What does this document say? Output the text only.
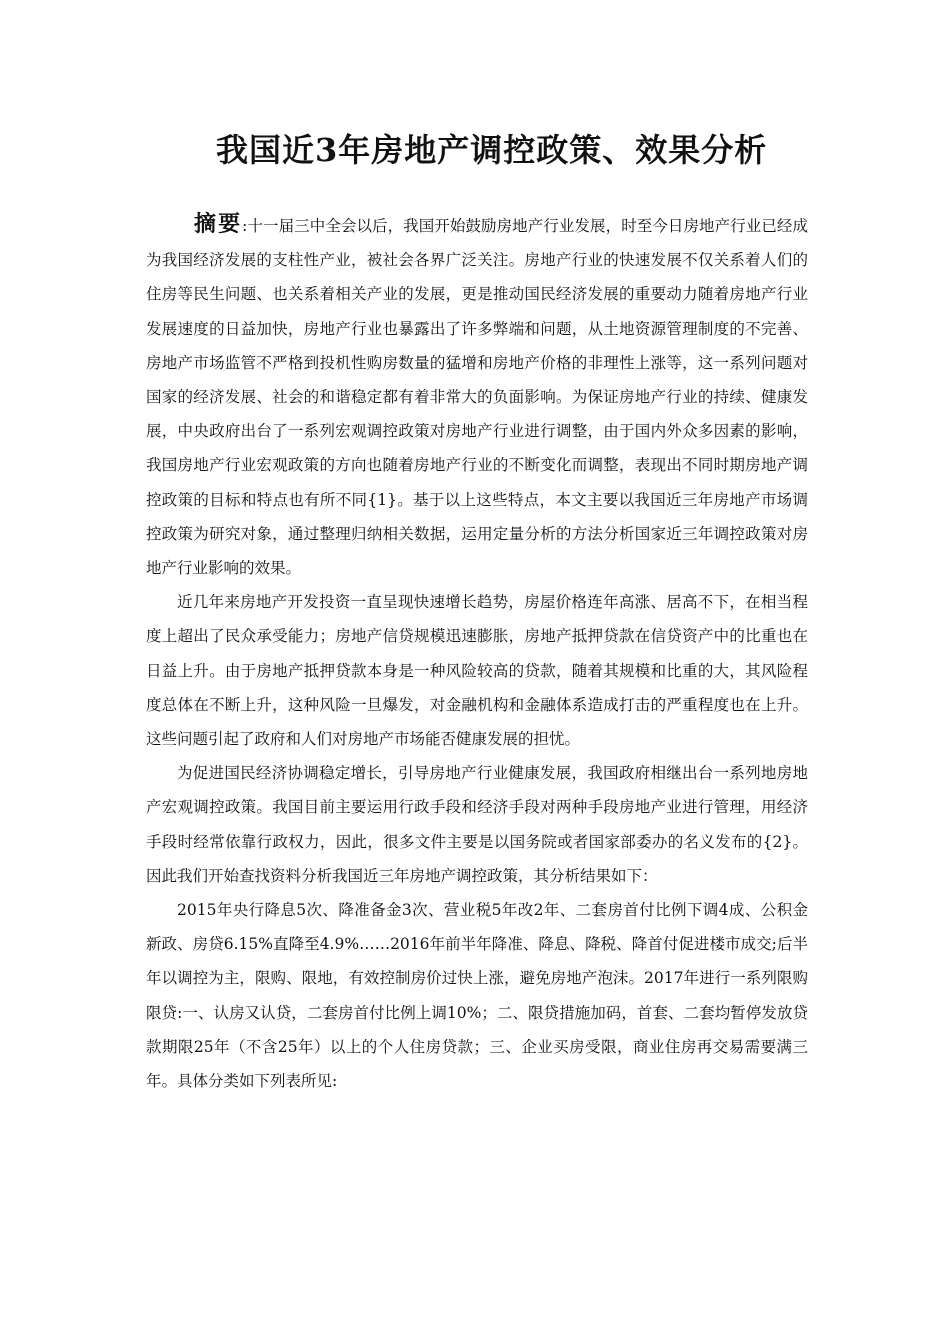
我国近3年房地产调控政策、效果分析

摘要:十一届三中全会以后，我国开始鼓励房地产行业发展，时至今日房地产行业已经成为我国经济发展的支柱性产业，被社会各界广泛关注。房地产行业的快速发展不仅关系着人们的住房等民生问题、也关系着相关产业的发展，更是推动国民经济发展的重要动力随着房地产行业发展速度的日益加快，房地产行业也暴露出了许多弊端和问题，从土地资源管理制度的不完善、房地产市场监管不严格到投机性购房数量的猛增和房地产价格的非理性上涨等，这一系列问题对国家的经济发展、社会的和谐稳定都有着非常大的负面影响。为保证房地产行业的持续、健康发展，中央政府出台了一系列宏观调控政策对房地产行业进行调整，由于国内外众多因素的影响，我国房地产行业宏观政策的方向也随着房地产行业的不断变化而调整，表现出不同时期房地产调控政策的目标和特点也有所不同{1}。基于以上这些特点，本文主要以我国近三年房地产市场调控政策为研究对象，通过整理归纳相关数据，运用定量分析的方法分析国家近三年调控政策对房地产行业影响的效果。

近几年来房地产开发投资一直呈现快速增长趋势，房屋价格连年高涨、居高不下，在相当程度上超出了民众承受能力；房地产信贷规模迅速膨胀，房地产抵押贷款在信贷资产中的比重也在日益上升。由于房地产抵押贷款本身是一种风险较高的贷款，随着其规模和比重的大，其风险程度总体在不断上升，这种风险一旦爆发，对金融机构和金融体系造成打击的严重程度也在上升。这些问题引起了政府和人们对房地产市场能否健康发展的担忧。

为促进国民经济协调稳定增长，引导房地产行业健康发展，我国政府相继出台一系列地房地产宏观调控政策。我国目前主要运用行政手段和经济手段对两种手段房地产业进行管理，用经济手段时经常依靠行政权力，因此，很多文件主要是以国务院或者国家部委办的名义发布的{2}。因此我们开始查找资料分析我国近三年房地产调控政策，其分析结果如下：

2015年央行降息5次、降准备金3次、营业税5年改2年、二套房首付比例下调4成、公积金新政、房贷6.15%直降至4.9%……2016年前半年降准、降息、降税、降首付促进楼市成交;后半年以调控为主，限购、限地，有效控制房价过快上涨，避免房地产泡沫。2017年进行一系列限购限贷:一、认房又认贷，二套房首付比例上调10%；二、限贷措施加码，首套、二套均暂停发放贷款期限25年（不含25年）以上的个人住房贷款；三、企业买房受限，商业住房再交易需要满三年。具体分类如下列表所见:
